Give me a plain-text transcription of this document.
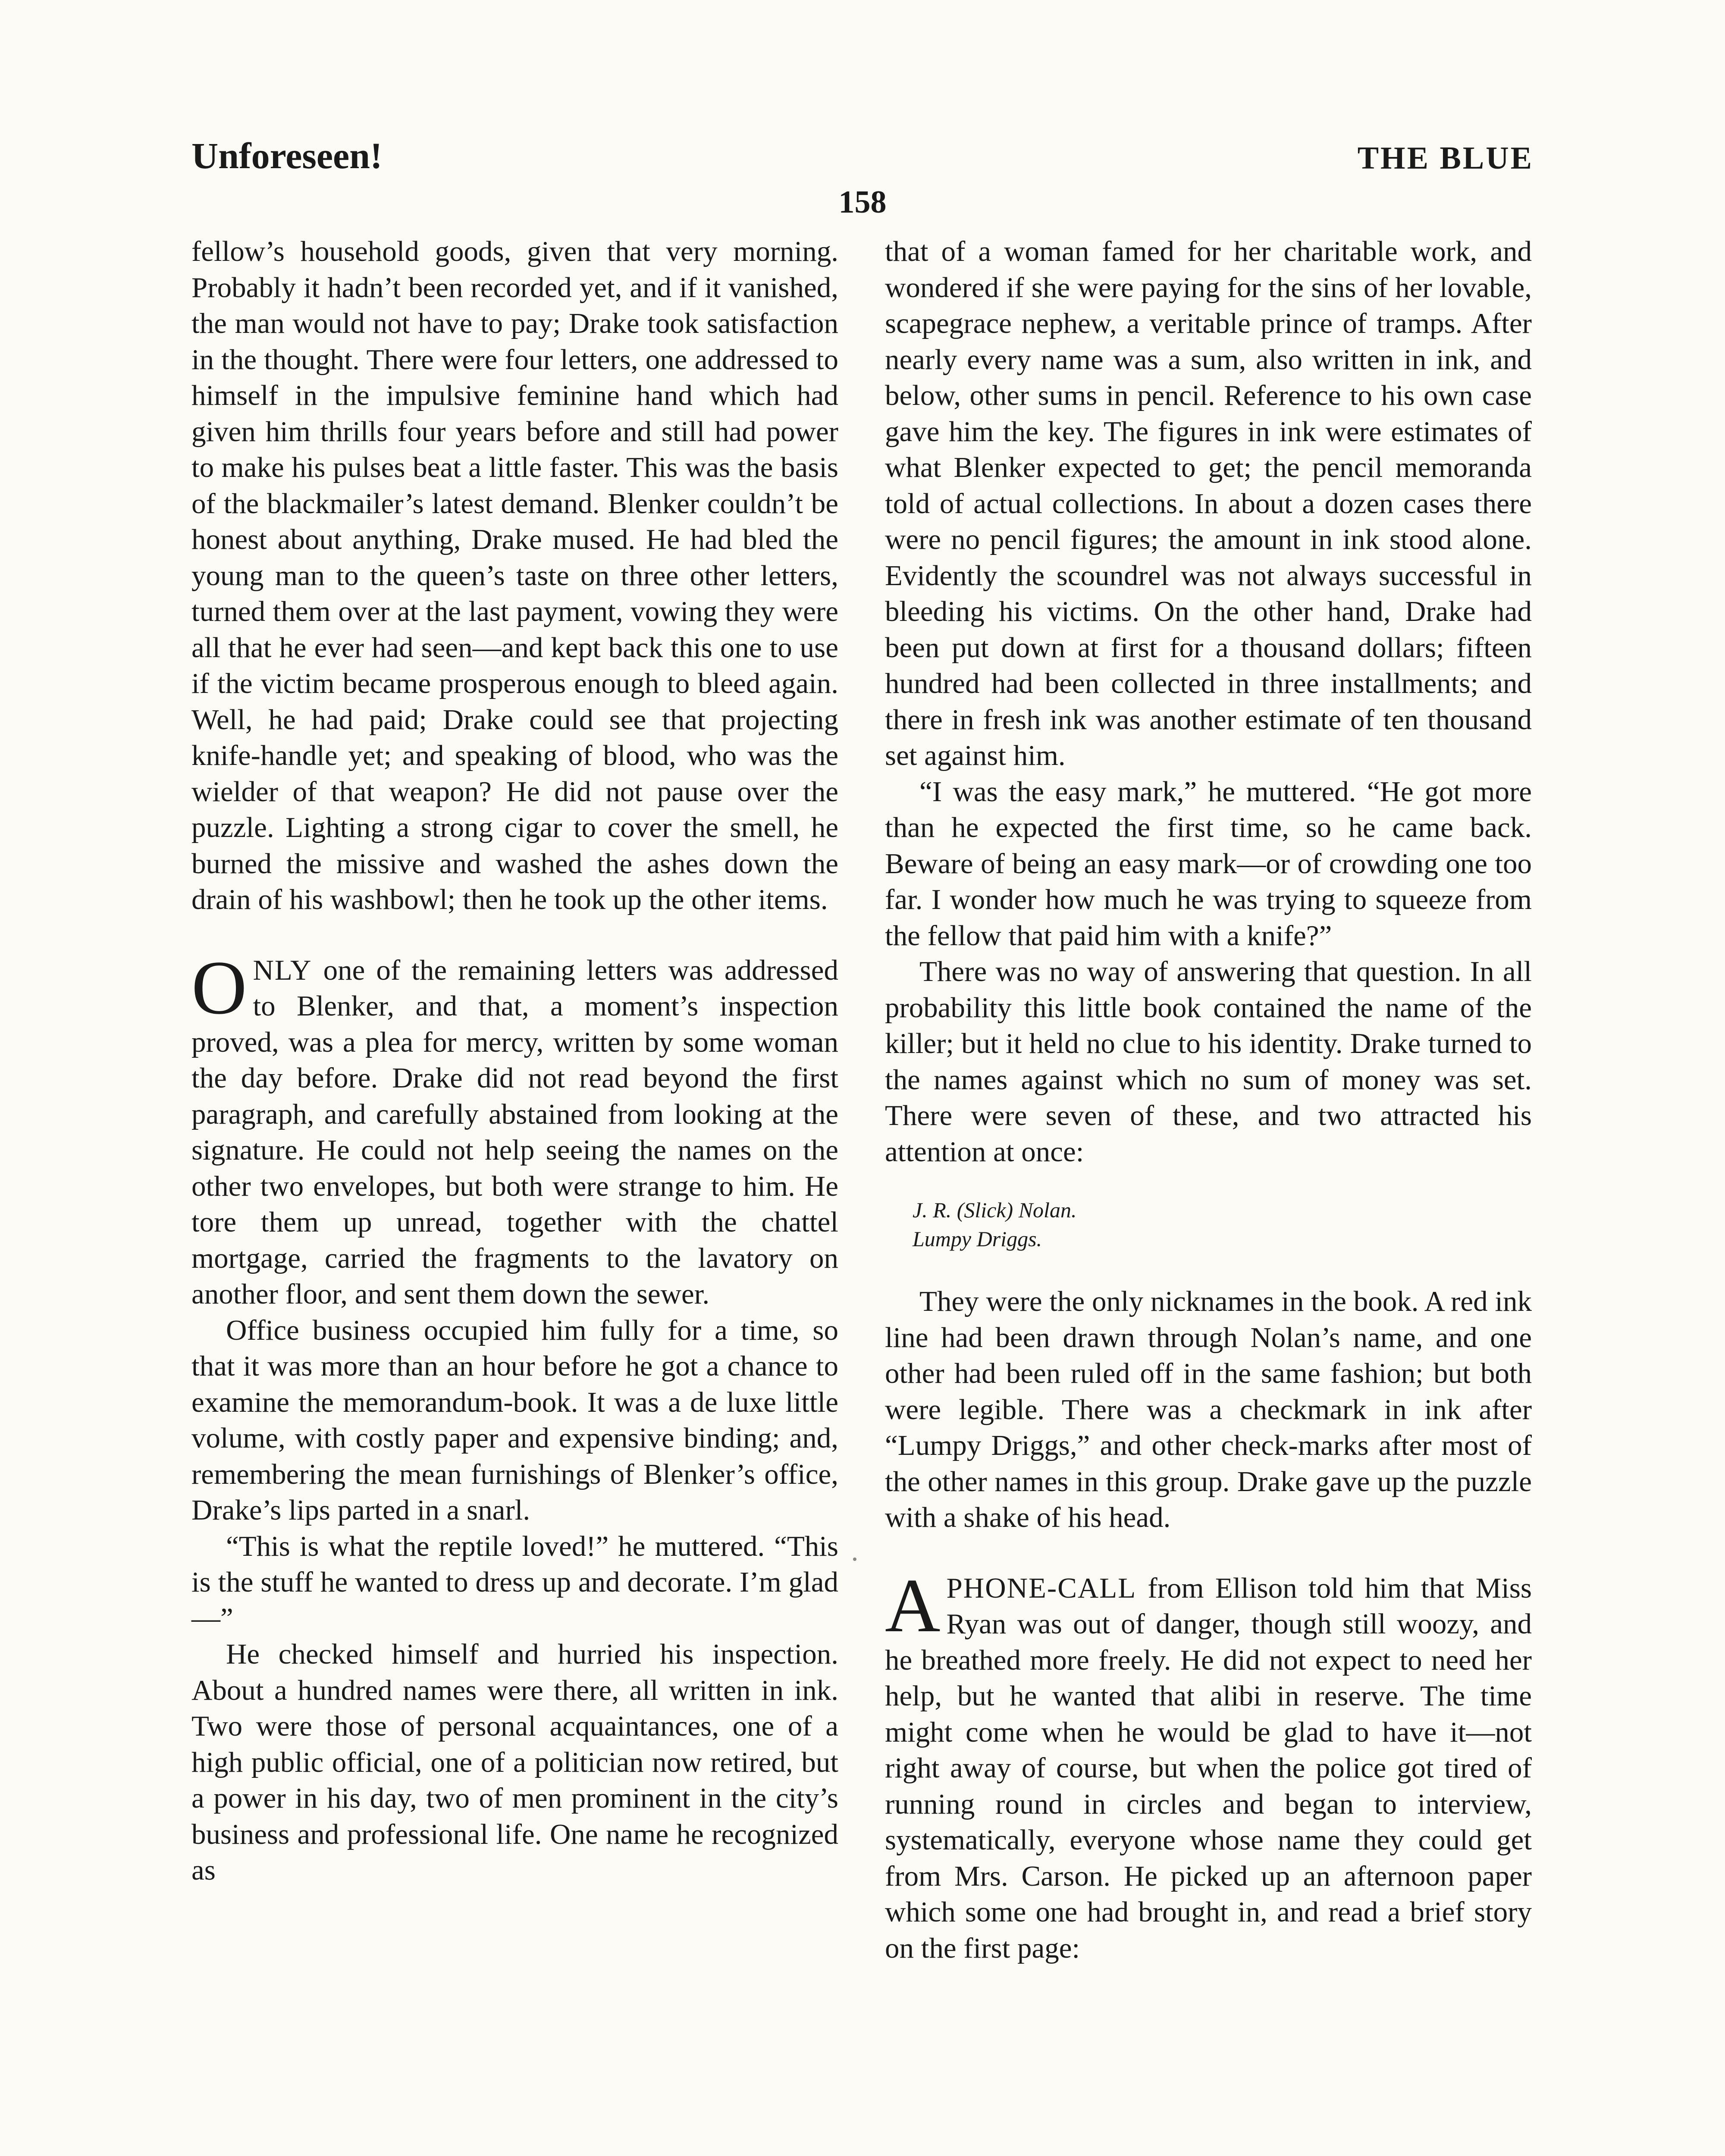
Unforeseen!	THE BLUE
158

fellow’s household goods, given that very morning. Probably it hadn’t been recorded yet, and if it vanished, the man would not have to pay; Drake took satisfaction in the thought. There were four letters, one addressed to himself in the impulsive feminine hand which had given him thrills four years before and still had power to make his pulses beat a little faster. This was the basis of the blackmailer’s latest demand. Blenker couldn’t be honest about anything, Drake mused. He had bled the young man to the queen’s taste on three other letters, turned them over at the last payment, vowing they were all that he ever had seen—and kept back this one to use if the victim became prosperous enough to bleed again. Well, he had paid; Drake could see that projecting knife-handle yet; and speaking of blood, who was the wielder of that weapon? He did not pause over the puzzle. Lighting a strong cigar to cover the smell, he burned the missive and washed the ashes down the drain of his washbowl; then he took up the other items.

ONLY one of the remaining letters was addressed to Blenker, and that, a moment’s inspection proved, was a plea for mercy, written by some woman the day before. Drake did not read beyond the first paragraph, and carefully abstained from looking at the signature. He could not help seeing the names on the other two envelopes, but both were strange to him. He tore them up unread, together with the chattel mortgage, carried the fragments to the lavatory on another floor, and sent them down the sewer.

Office business occupied him fully for a time, so that it was more than an hour before he got a chance to examine the memorandum-book. It was a de luxe little volume, with costly paper and expensive binding; and, remembering the mean furnishings of Blenker’s office, Drake’s lips parted in a snarl.

“This is what the reptile loved!” he muttered. “This is the stuff he wanted to dress up and decorate. I’m glad—”

He checked himself and hurried his inspection. About a hundred names were there, all written in ink. Two were those of personal acquaintances, one of a high public official, one of a politician now retired, but a power in his day, two of men prominent in the city’s business and professional life. One name he recognized as

that of a woman famed for her charitable work, and wondered if she were paying for the sins of her lovable, scapegrace nephew, a veritable prince of tramps. After nearly every name was a sum, also written in ink, and below, other sums in pencil. Reference to his own case gave him the key. The figures in ink were estimates of what Blenker expected to get; the pencil memoranda told of actual collections. In about a dozen cases there were no pencil figures; the amount in ink stood alone. Evidently the scoundrel was not always successful in bleeding his victims. On the other hand, Drake had been put down at first for a thousand dollars; fifteen hundred had been collected in three installments; and there in fresh ink was another estimate of ten thousand set against him.

“I was the easy mark,” he muttered. “He got more than he expected the first time, so he came back. Beware of being an easy mark—or of crowding one too far. I wonder how much he was trying to squeeze from the fellow that paid him with a knife?”

There was no way of answering that question. In all probability this little book contained the name of the killer; but it held no clue to his identity. Drake turned to the names against which no sum of money was set. There were seven of these, and two attracted his attention at once:

J. R. (Slick) Nolan.
Lumpy Driggs.

They were the only nicknames in the book. A red ink line had been drawn through Nolan’s name, and one other had been ruled off in the same fashion; but both were legible. There was a checkmark in ink after “Lumpy Driggs,” and other check-marks after most of the other names in this group. Drake gave up the puzzle with a shake of his head.

APHONE-CALL from Ellison told him that Miss Ryan was out of danger, though still woozy, and he breathed more freely. He did not expect to need her help, but he wanted that alibi in reserve. The time might come when he would be glad to have it—not right away of course, but when the police got tired of running round in circles and began to interview, systematically, everyone whose name they could get from Mrs. Carson. He picked up an afternoon paper which some one had brought in, and read a brief story on the first page:
